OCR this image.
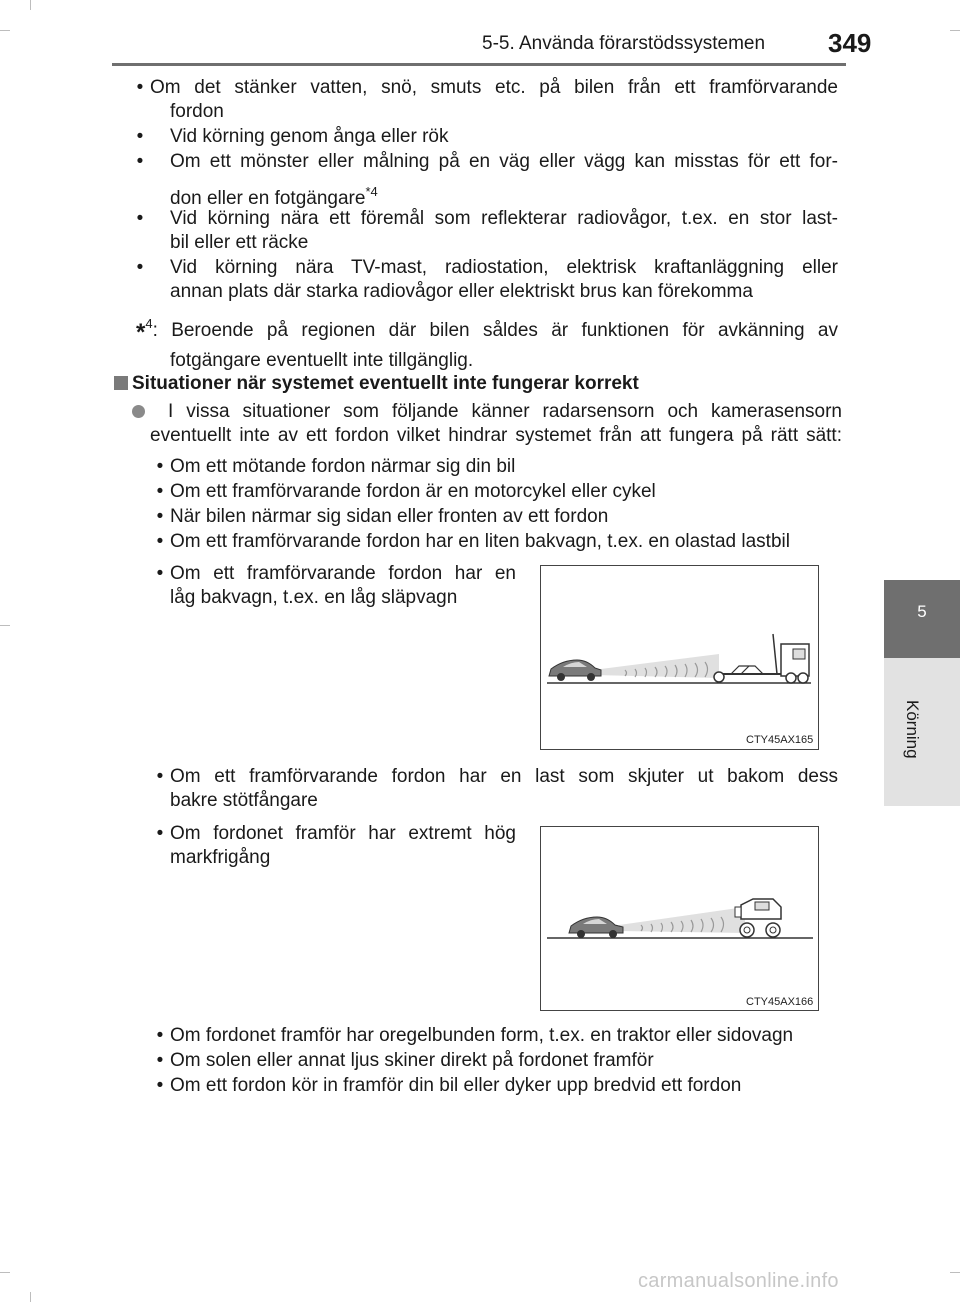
5-5. Använda förarstödssystemen 349
5
Körning
• Om det stänker vatten, snö, smuts etc. på bilen från ett framförvarande
fordon
•	Vid körning genom ånga eller rök
•	Om ett mönster eller målning på en väg eller vägg kan misstas för ett for-
don eller en fotgängare$^{*4}$
•	Vid körning nära ett föremål som reflekterar radiovågor, t.ex. en stor last-
bil eller ett räcke
•	Vid körning nära TV-mast, radiostation, elektrisk kraftanläggning eller
annan plats där starka radiovågor eller elektriskt brus kan förekomma
*$^4$: Beroende på regionen där bilen såldes är funktionen för avkänning av
fotgängare eventuellt inte tillgänglig.
Situationer när systemet eventuellt inte fungerar korrekt
I vissa situationer som följande känner radarsensorn och kamerasensorn
eventuellt inte av ett fordon vilket hindrar systemet från att fungera på rätt sätt:
• Om ett mötande fordon närmar sig din bil
• Om ett framförvarande fordon är en motorcykel eller cykel
• När bilen närmar sig sidan eller fronten av ett fordon
• Om ett framförvarande fordon har en liten bakvagn, t.ex. en olastad lastbil
• Om ett framförvarande fordon har en
låg bakvagn, t.ex. en låg släpvagn
CTY45AX165
• Om ett framförvarande fordon har en last som skjuter ut bakom dess
bakre stötfångare
• Om fordonet framför har extremt hög
markfrigång
CTY45AX166
• Om fordonet framför har oregelbunden form, t.ex. en traktor eller sidovagn
• Om solen eller annat ljus skiner direkt på fordonet framför
• Om ett fordon kör in framför din bil eller dyker upp bredvid ett fordon
carmanualsonline.info
